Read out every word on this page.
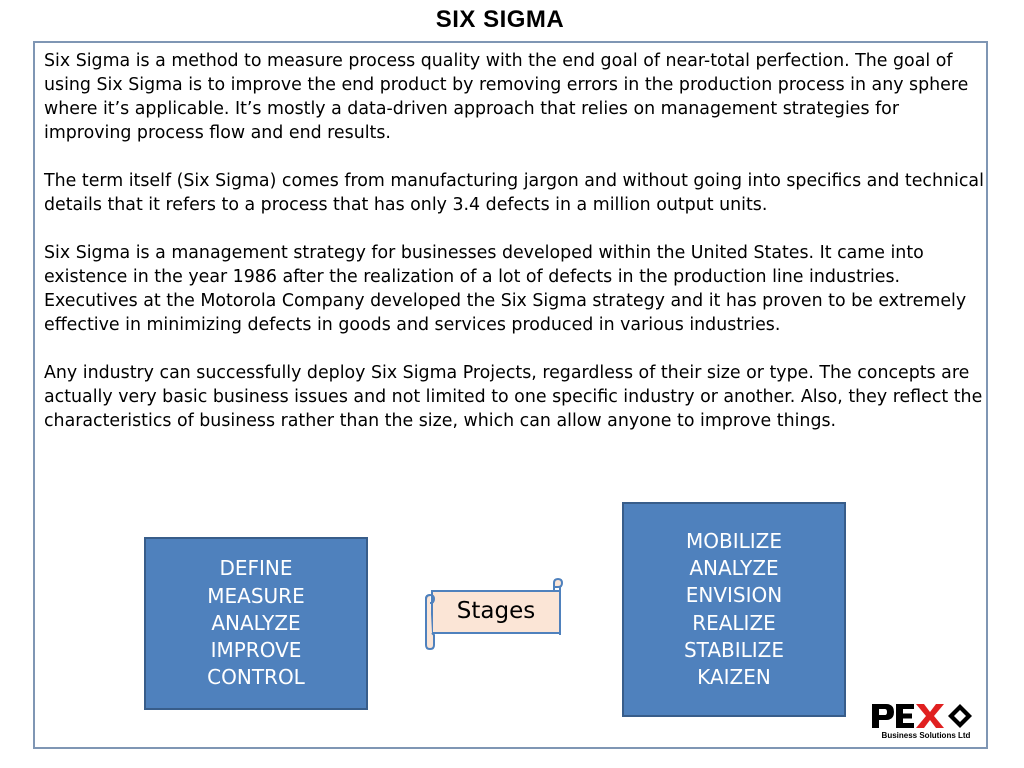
SIX SIGMA

Six Sigma is a method to measure process quality with the end goal of near-total perfection. The goal of using Six Sigma is to improve the end product by removing errors in the production process in any sphere where it’s applicable. It’s mostly a data-driven approach that relies on management strategies for improving process flow and end results.

The term itself (Six Sigma) comes from manufacturing jargon and without going into specifics and technical details that it refers to a process that has only 3.4 defects in a million output units.

Six Sigma is a management strategy for businesses developed within the United States. It came into existence in the year 1986 after the realization of a lot of defects in the production line industries. Executives at the Motorola Company developed the Six Sigma strategy and it has proven to be extremely effective in minimizing defects in goods and services produced in various industries.

Any industry can successfully deploy Six Sigma Projects, regardless of their size or type. The concepts are actually very basic business issues and not limited to one specific industry or another. Also, they reflect the characteristics of business rather than the size, which can allow anyone to improve things.

DEFINE
MEASURE
ANALYZE
IMPROVE
CONTROL
Stages
MOBILIZE
ANALYZE
ENVISION
REALIZE
STABILIZE
KAIZEN
Business Solutions Ltd
